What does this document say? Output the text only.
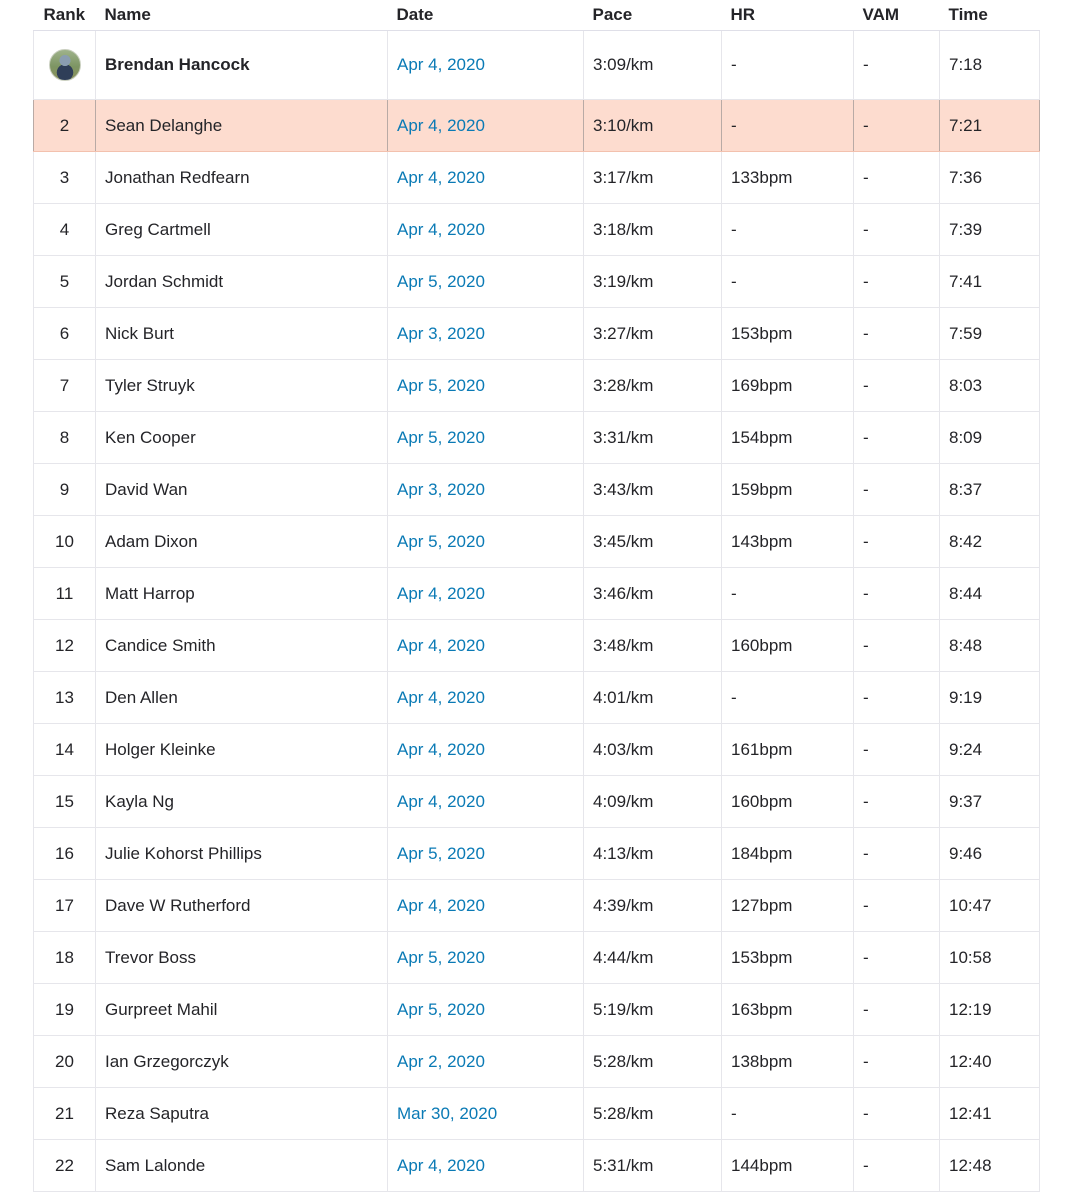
Rank	Name	Date	Pace	HR	VAM	Time
	Brendan Hancock	Apr 4, 2020	3:09/km	-	-	7:18
2	Sean Delanghe	Apr 4, 2020	3:10/km	-	-	7:21
3	Jonathan Redfearn	Apr 4, 2020	3:17/km	133bpm	-	7:36
4	Greg Cartmell	Apr 4, 2020	3:18/km	-	-	7:39
5	Jordan Schmidt	Apr 5, 2020	3:19/km	-	-	7:41
6	Nick Burt	Apr 3, 2020	3:27/km	153bpm	-	7:59
7	Tyler Struyk	Apr 5, 2020	3:28/km	169bpm	-	8:03
8	Ken Cooper	Apr 5, 2020	3:31/km	154bpm	-	8:09
9	David Wan	Apr 3, 2020	3:43/km	159bpm	-	8:37
10	Adam Dixon	Apr 5, 2020	3:45/km	143bpm	-	8:42
11	Matt Harrop	Apr 4, 2020	3:46/km	-	-	8:44
12	Candice Smith	Apr 4, 2020	3:48/km	160bpm	-	8:48
13	Den Allen	Apr 4, 2020	4:01/km	-	-	9:19
14	Holger Kleinke	Apr 4, 2020	4:03/km	161bpm	-	9:24
15	Kayla Ng	Apr 4, 2020	4:09/km	160bpm	-	9:37
16	Julie Kohorst Phillips	Apr 5, 2020	4:13/km	184bpm	-	9:46
17	Dave W Rutherford	Apr 4, 2020	4:39/km	127bpm	-	10:47
18	Trevor Boss	Apr 5, 2020	4:44/km	153bpm	-	10:58
19	Gurpreet Mahil	Apr 5, 2020	5:19/km	163bpm	-	12:19
20	Ian Grzegorczyk	Apr 2, 2020	5:28/km	138bpm	-	12:40
21	Reza Saputra	Mar 30, 2020	5:28/km	-	-	12:41
22	Sam Lalonde	Apr 4, 2020	5:31/km	144bpm	-	12:48
